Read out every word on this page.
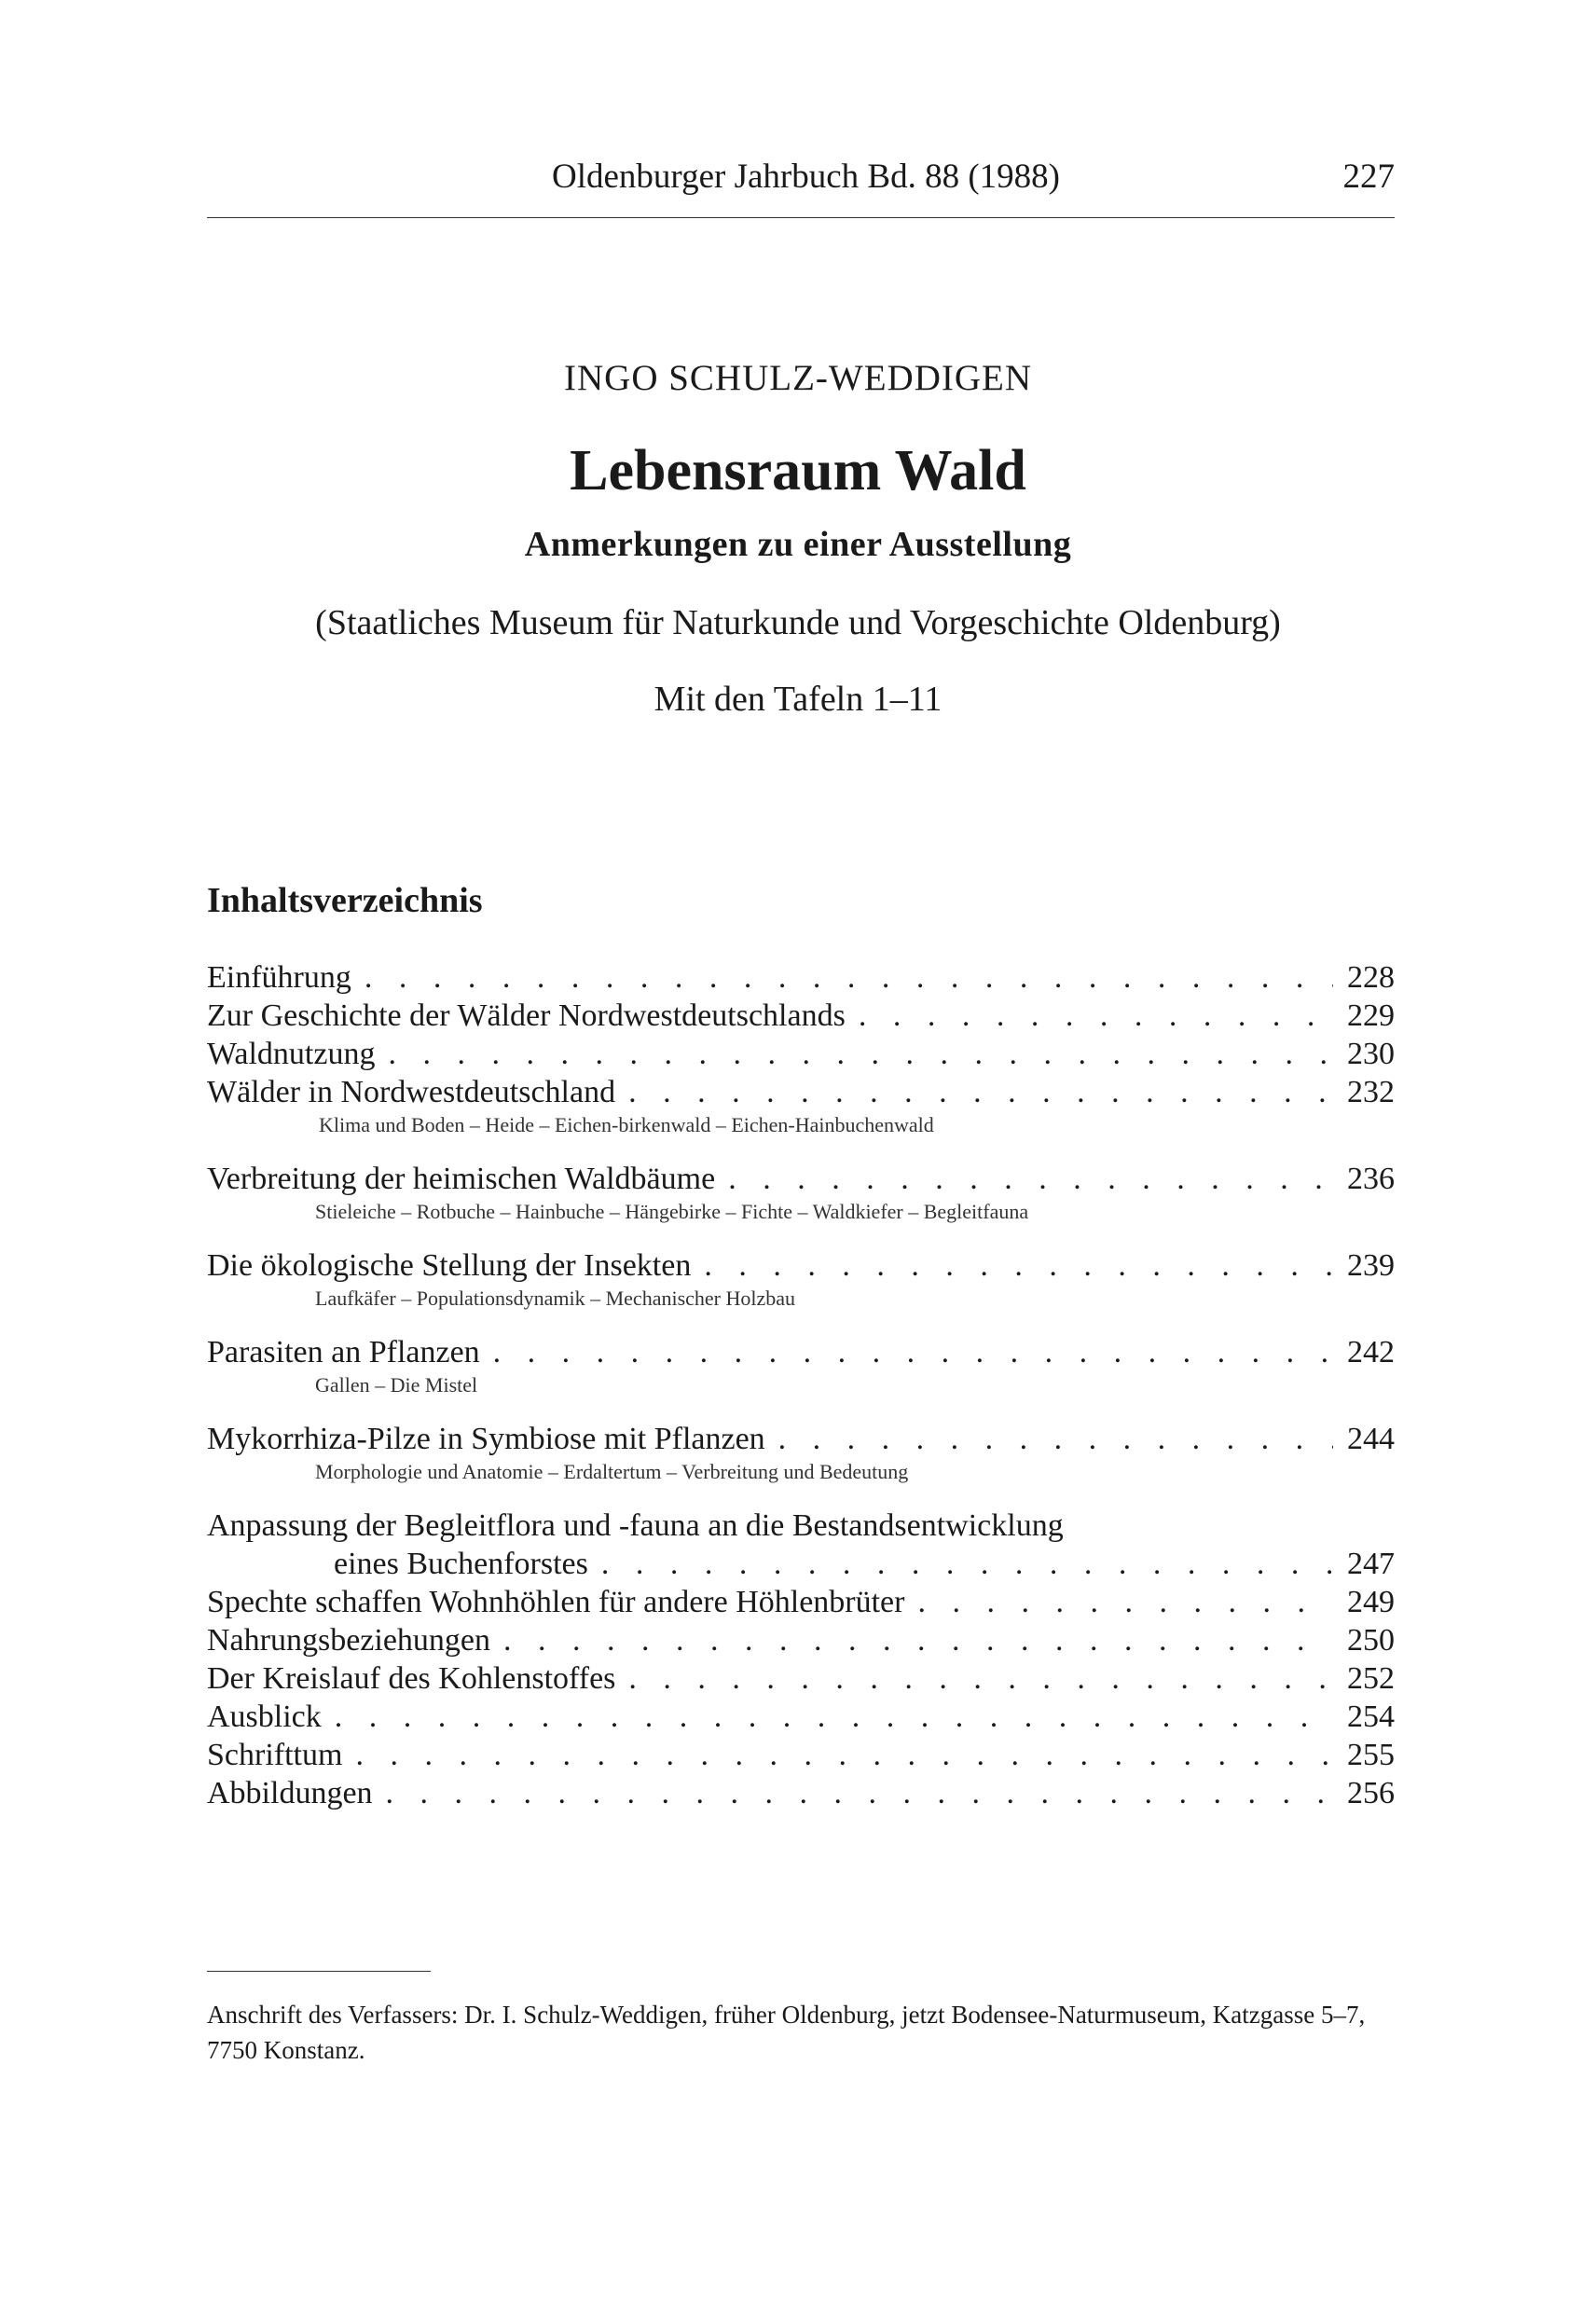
Oldenburger Jahrbuch Bd. 88 (1988)	227
INGO SCHULZ-WEDDIGEN
Lebensraum Wald
Anmerkungen zu einer Ausstellung
(Staatliches Museum für Naturkunde und Vorgeschichte Oldenburg)
Mit den Tafeln 1–11
Inhaltsverzeichnis
Einführung . . .	228
Zur Geschichte der Wälder Nordwestdeutschlands . . .	229
Waldnutzung . . .	230
Wälder in Nordwestdeutschland . . .	232
Klima und Boden – Heide – Eichen-birkenwald – Eichen-Hainbuchenwald
Verbreitung der heimischen Waldbäume . . .	236
Stieleiche – Rotbuche – Hainbuche – Hängebirke – Fichte – Waldkiefer – Begleitfauna
Die ökologische Stellung der Insekten . . .	239
Laufkäfer – Populationsdynamik – Mechanischer Holzbau
Parasiten an Pflanzen . . .	242
Gallen – Die Mistel
Mykorrhiza-Pilze in Symbiose mit Pflanzen . . .	244
Morphologie und Anatomie – Erdaltertum – Verbreitung und Bedeutung
Anpassung der Begleitflora und -fauna an die Bestandsentwicklung
eines Buchenforstes . . .	247
Spechte schaffen Wohnhöhlen für andere Höhlenbrüter . . .	249
Nahrungsbeziehungen . . .	250
Der Kreislauf des Kohlenstoffes . . .	252
Ausblick . . .	254
Schrifttum . . .	255
Abbildungen . . .	256
Anschrift des Verfassers: Dr. I. Schulz-Weddigen, früher Oldenburg, jetzt Bodensee-Naturmuseum, Katzgasse 5–7, 7750 Konstanz.
